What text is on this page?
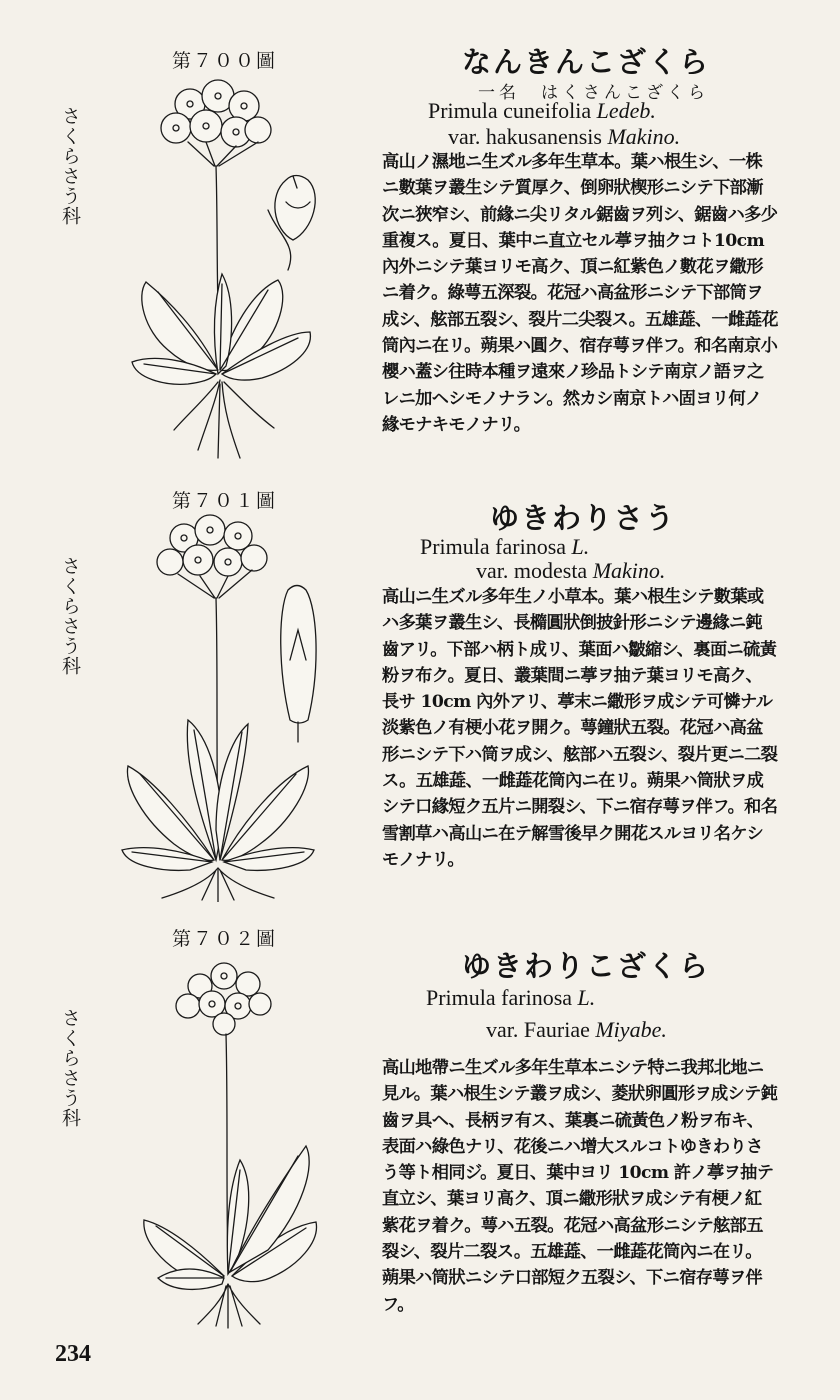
第７００圖
さくらさう科
なんきんこざくら
一名　はくさんこざくら
Primula cuneifolia Ledeb.
var. hakusanensis Makino.
高山ノ濕地ニ生ズル多年生草本。葉ハ根生シ、一株ニ數葉ヲ叢生シテ質厚ク、倒卵狀楔形ニシテ下部漸次ニ狹窄シ、前緣ニ尖リタル鋸齒ヲ列シ、鋸齒ハ多少重複ス。夏日、葉中ニ直立セル葶ヲ抽クコト10cm內外ニシテ葉ヨリモ高ク、頂ニ紅紫色ノ數花ヲ繖形ニ着ク。綠萼五深裂。花冠ハ高盆形ニシテ下部筒ヲ成シ、舷部五裂シ、裂片二尖裂ス。五雄蕋、一雌蕋花筒內ニ在リ。蒴果ハ圓ク、宿存萼ヲ伴フ。和名南京小櫻ハ蓋シ往時本種ヲ遠來ノ珍品トシテ南京ノ語ヲ之レニ加ヘシモノナラン。然カシ南京トハ固ヨリ何ノ緣モナキモノナリ。
第７０１圖
さくらさう科
ゆきわりさう
Primula farinosa L.
var. modesta Makino.
高山ニ生ズル多年生ノ小草本。葉ハ根生シテ數葉或ハ多葉ヲ叢生シ、長橢圓狀倒披針形ニシテ邊緣ニ鈍齒アリ。下部ハ柄ト成リ、葉面ハ皺縮シ、裏面ニ硫黃粉ヲ布ク。夏日、叢葉間ニ葶ヲ抽テ葉ヨリモ高ク、長サ 10cm 內外アリ、葶末ニ繖形ヲ成シテ可憐ナル淡紫色ノ有梗小花ヲ開ク。萼鐘狀五裂。花冠ハ高盆形ニシテ下ハ筒ヲ成シ、舷部ハ五裂シ、裂片更ニ二裂ス。五雄蕋、一雌蕋花筒內ニ在リ。蒴果ハ筒狀ヲ成シテ口緣短ク五片ニ開裂シ、下ニ宿存萼ヲ伴フ。和名雪割草ハ高山ニ在テ解雪後早ク開花スルヨリ名ケシモノナリ。
第７０２圖
さくらさう科
ゆきわりこざくら
Primula farinosa L.
var. Fauriae Miyabe.
高山地帶ニ生ズル多年生草本ニシテ特ニ我邦北地ニ見ル。葉ハ根生シテ叢ヲ成シ、菱狀卵圓形ヲ成シテ鈍齒ヲ具ヘ、長柄ヲ有ス、葉裏ニ硫黃色ノ粉ヲ布キ、表面ハ綠色ナリ、花後ニハ增大スルコトゆきわりさう等ト相同ジ。夏日、葉中ヨリ 10cm 許ノ葶ヲ抽テ直立シ、葉ヨリ高ク、頂ニ繖形狀ヲ成シテ有梗ノ紅紫花ヲ着ク。萼ハ五裂。花冠ハ高盆形ニシテ舷部五裂シ、裂片二裂ス。五雄蕋、一雌蕋花筒內ニ在リ。蒴果ハ筒狀ニシテ口部短ク五裂シ、下ニ宿存萼ヲ伴フ。
234
